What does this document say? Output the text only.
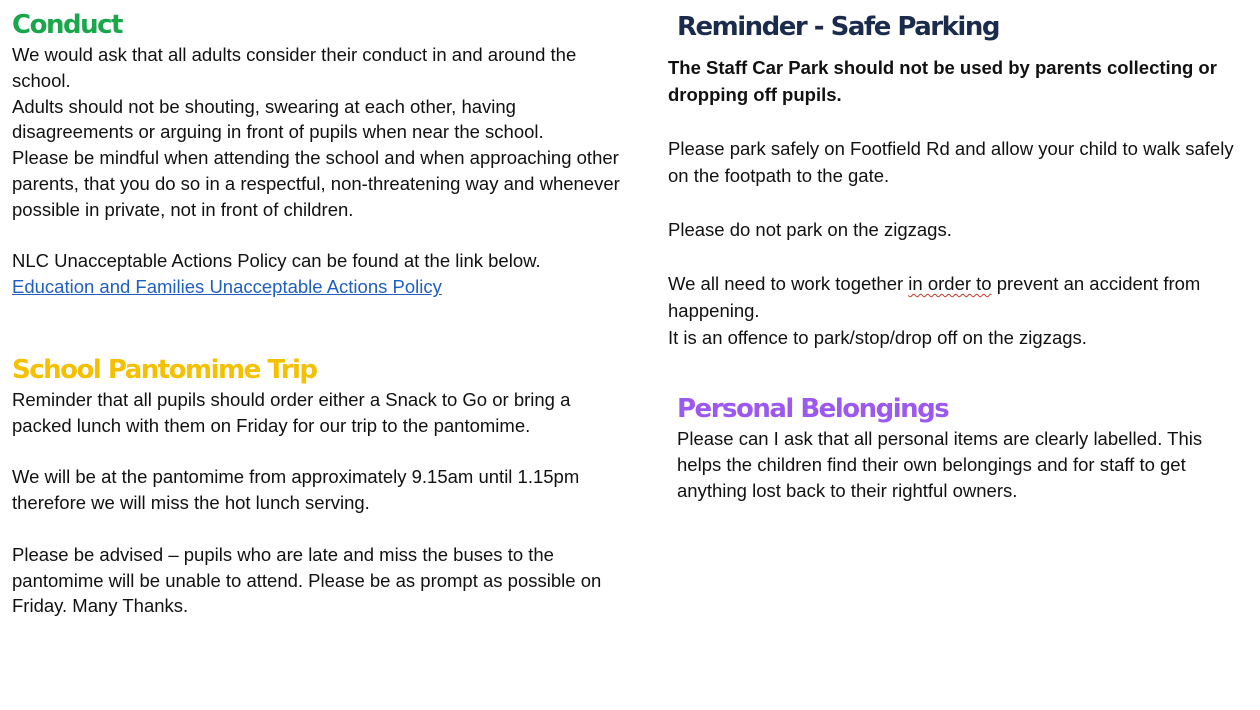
Conduct
We would ask that all adults consider their conduct in and around the school.
Adults should not be shouting, swearing at each other, having disagreements or arguing in front of pupils when near the school.
Please be mindful when attending the school and when approaching other parents, that you do so in a respectful, non-threatening way and whenever possible in private, not in front of children.
NLC Unacceptable Actions Policy can be found at the link below.
Education and Families Unacceptable Actions Policy
School Pantomime Trip
Reminder that all pupils should order either a Snack to Go or bring a packed lunch with them on Friday for our trip to the pantomime.
We will be at the pantomime from approximately 9.15am until 1.15pm therefore we will miss the hot lunch serving.
Please be advised – pupils who are late and miss the buses to the pantomime will be unable to attend. Please be as prompt as possible on Friday. Many Thanks.
Reminder - Safe Parking
The Staff Car Park should not be used by parents collecting or dropping off pupils.
Please park safely on Footfield Rd and allow your child to walk safely on the footpath to the gate.
Please do not park on the zigzags.
We all need to work together in order to prevent an accident from happening.
It is an offence to park/stop/drop off on the zigzags.
Personal Belongings
Please can I ask that all personal items are clearly labelled. This helps the children find their own belongings and for staff to get anything lost back to their rightful owners.
